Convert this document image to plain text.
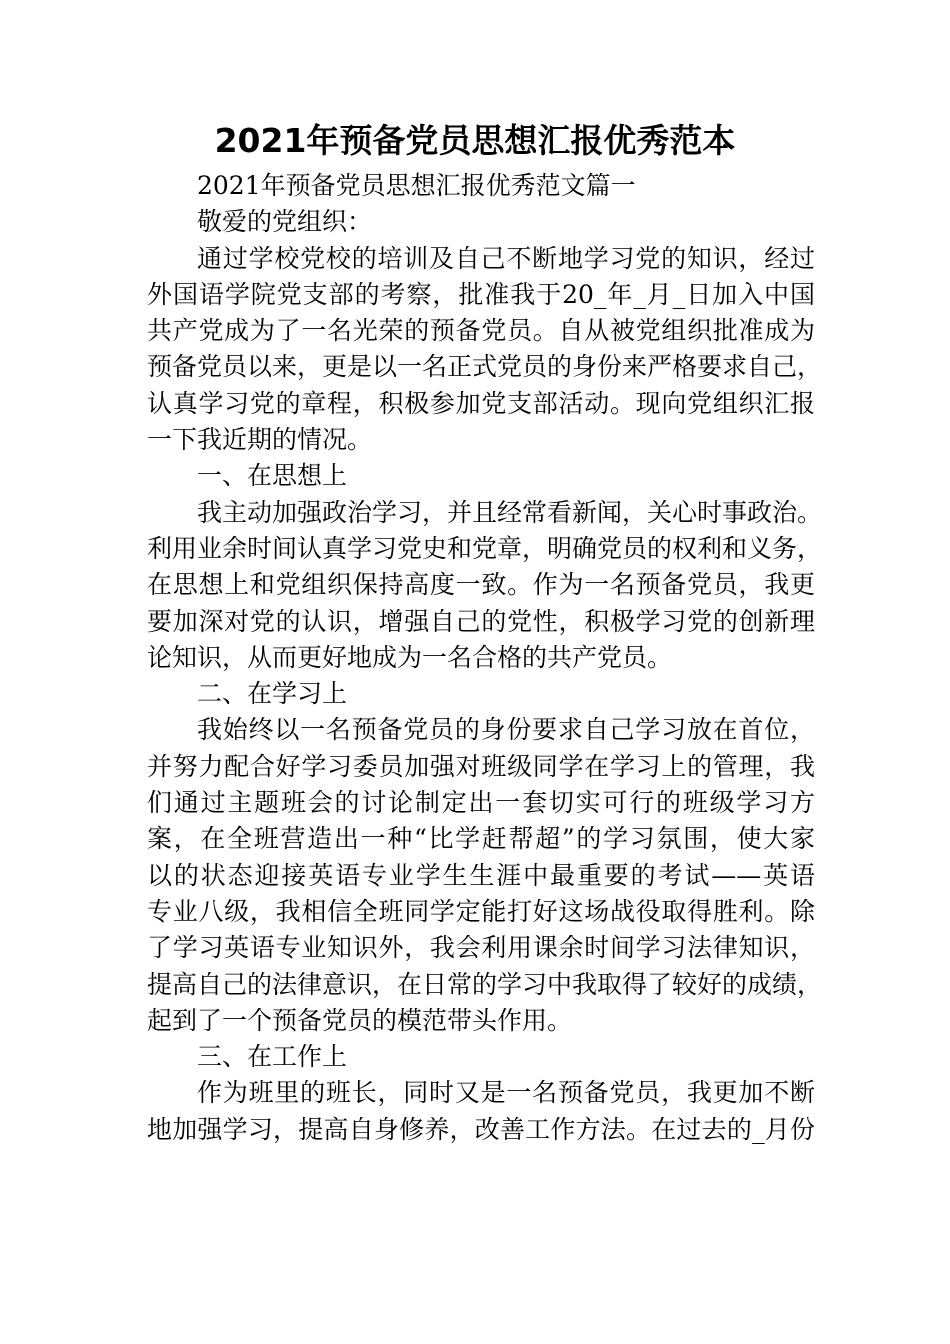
2021年预备党员思想汇报优秀范本
2021年预备党员思想汇报优秀范文篇一
敬爱的党组织：
通过学校党校的培训及自己不断地学习党的知识，经过
外国语学院党支部的考察，批准我于20_年_月_日加入中国
共产党成为了一名光荣的预备党员。自从被党组织批准成为
预备党员以来，更是以一名正式党员的身份来严格要求自己，
认真学习党的章程，积极参加党支部活动。现向党组织汇报
一下我近期的情况。
一、在思想上
我主动加强政治学习，并且经常看新闻，关心时事政治。
利用业余时间认真学习党史和党章，明确党员的权利和义务，
在思想上和党组织保持高度一致。作为一名预备党员，我更
要加深对党的认识，增强自己的党性，积极学习党的创新理
论知识，从而更好地成为一名合格的共产党员。
二、在学习上
我始终以一名预备党员的身份要求自己学习放在首位，
并努力配合好学习委员加强对班级同学在学习上的管理，我
们通过主题班会的讨论制定出一套切实可行的班级学习方
案，在全班营造出一种“比学赶帮超”的学习氛围，使大家
以的状态迎接英语专业学生生涯中最重要的考试——英语
专业八级，我相信全班同学定能打好这场战役取得胜利。除
了学习英语专业知识外，我会利用课余时间学习法律知识，
提高自己的法律意识，在日常的学习中我取得了较好的成绩，
起到了一个预备党员的模范带头作用。
三、在工作上
作为班里的班长，同时又是一名预备党员，我更加不断
地加强学习，提高自身修养，改善工作方法。在过去的_月份
